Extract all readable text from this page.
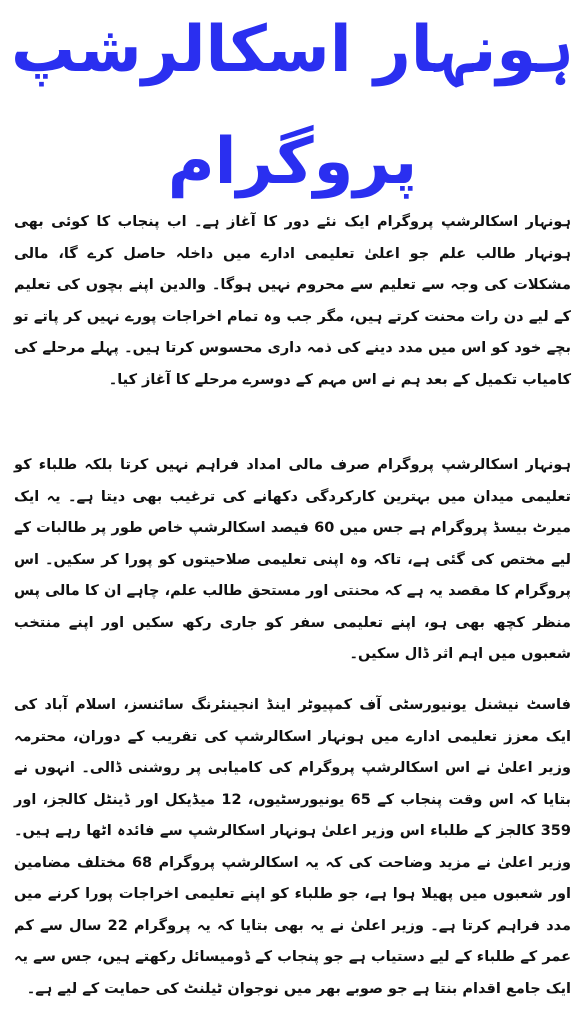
ہونہار اسکالرشپ
پروگرام

ہونہار اسکالرشپ پروگرام ایک نئے دور کا آغاز ہے۔ اب پنجاب کا کوئی بھی ہونہار طالب علم جو اعلیٰ تعلیمی ادارے میں داخلہ حاصل کرے گا، مالی مشکلات کی وجہ سے تعلیم سے محروم نہیں ہوگا۔ والدین اپنے بچوں کی تعلیم کے لیے دن رات محنت کرتے ہیں، مگر جب وہ تمام اخراجات پورے نہیں کر پاتے تو بچے خود کو اس میں مدد دینے کی ذمہ داری محسوس کرتا ہیں۔ پہلے مرحلے کی کامیاب تکمیل کے بعد ہم نے اس مہم کے دوسرے مرحلے کا آغاز کیا۔

ہونہار اسکالرشپ پروگرام صرف مالی امداد فراہم نہیں کرتا بلکہ طلباء کو تعلیمی میدان میں بہترین کارکردگی دکھانے کی ترغیب بھی دیتا ہے۔ یہ ایک میرٹ بیسڈ پروگرام ہے جس میں 60 فیصد اسکالرشپ خاص طور پر طالبات کے لیے مختص کی گئی ہے، تاکہ وہ اپنی تعلیمی صلاحیتوں کو پورا کر سکیں۔ اس پروگرام کا مقصد یہ ہے کہ محنتی اور مستحق طالب علم، چاہے ان کا مالی پس منظر کچھ بھی ہو، اپنے تعلیمی سفر کو جاری رکھ سکیں اور اپنے منتخب شعبوں میں اہم اثر ڈال سکیں۔

فاسٹ نیشنل یونیورسٹی آف کمپیوٹر اینڈ انجینئرنگ سائنسز، اسلام آباد کی ایک معزز تعلیمی ادارے میں ہونہار اسکالرشپ کی تقریب کے دوران، محترمہ وزیر اعلیٰ نے اس اسکالرشپ پروگرام کی کامیابی پر روشنی ڈالی۔ انہوں نے بتایا کہ اس وقت پنجاب کے 65 یونیورسٹیوں، 12 میڈیکل اور ڈینٹل کالجز، اور 359 کالجز کے طلباء اس وزیر اعلیٰ ہونہار اسکالرشپ سے فائدہ اٹھا رہے ہیں۔ وزیر اعلیٰ نے مزید وضاحت کی کہ یہ اسکالرشپ پروگرام 68 مختلف مضامین اور شعبوں میں پھیلا ہوا ہے، جو طلباء کو اپنے تعلیمی اخراجات پورا کرنے میں مدد فراہم کرتا ہے۔ وزیر اعلیٰ نے یہ بھی بتایا کہ یہ پروگرام 22 سال سے کم عمر کے طلباء کے لیے دستیاب ہے جو پنجاب کے ڈومیسائل رکھتے ہیں، جس سے یہ ایک جامع اقدام بنتا ہے جو صوبے بھر میں نوجوان ٹیلنٹ کی حمایت کے لیے ہے۔
